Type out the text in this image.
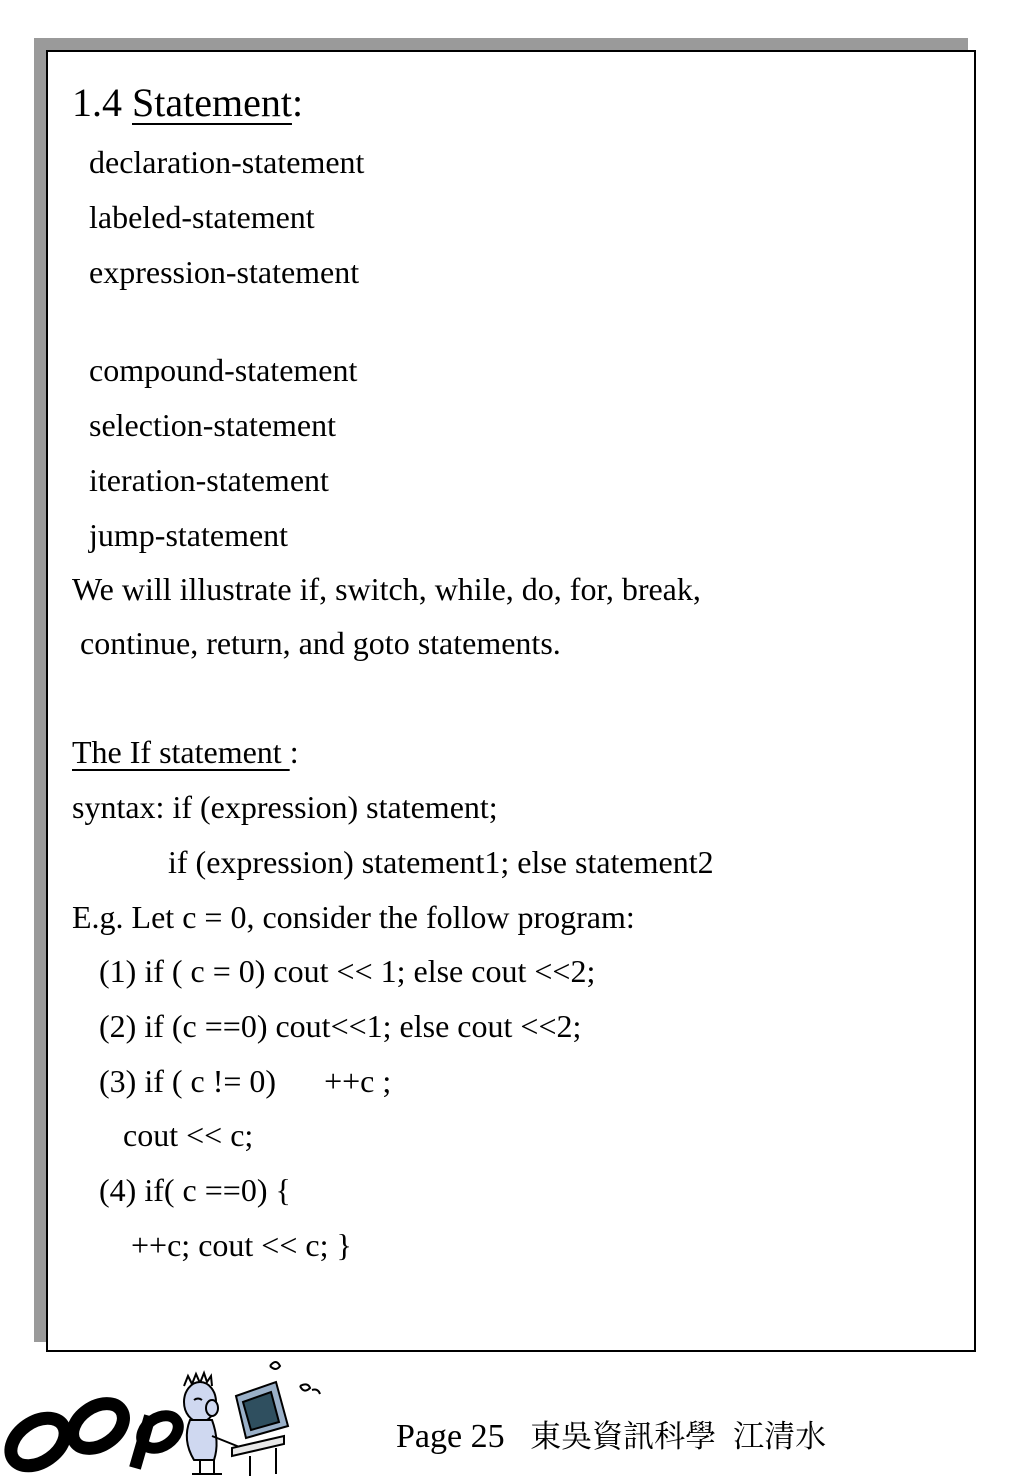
1.4 Statement:
declaration-statement
labeled-statement
expression-statement
compound-statement
selection-statement
iteration-statement
jump-statement
We will illustrate if, switch, while, do, for, break,
continue, return, and goto statements.
The If statement :
syntax: if (expression) statement;
if (expression) statement1; else statement2
E.g. Let c = 0, consider the follow program:
(1) if ( c = 0) cout << 1; else cout <<2;
(2) if (c ==0) cout<<1; else cout <<2;
(3) if ( c != 0)      ++c ;
cout << c;
(4) if( c ==0) {
++c; cout << c; }
Page 25 東吳資訊科學 江清水
